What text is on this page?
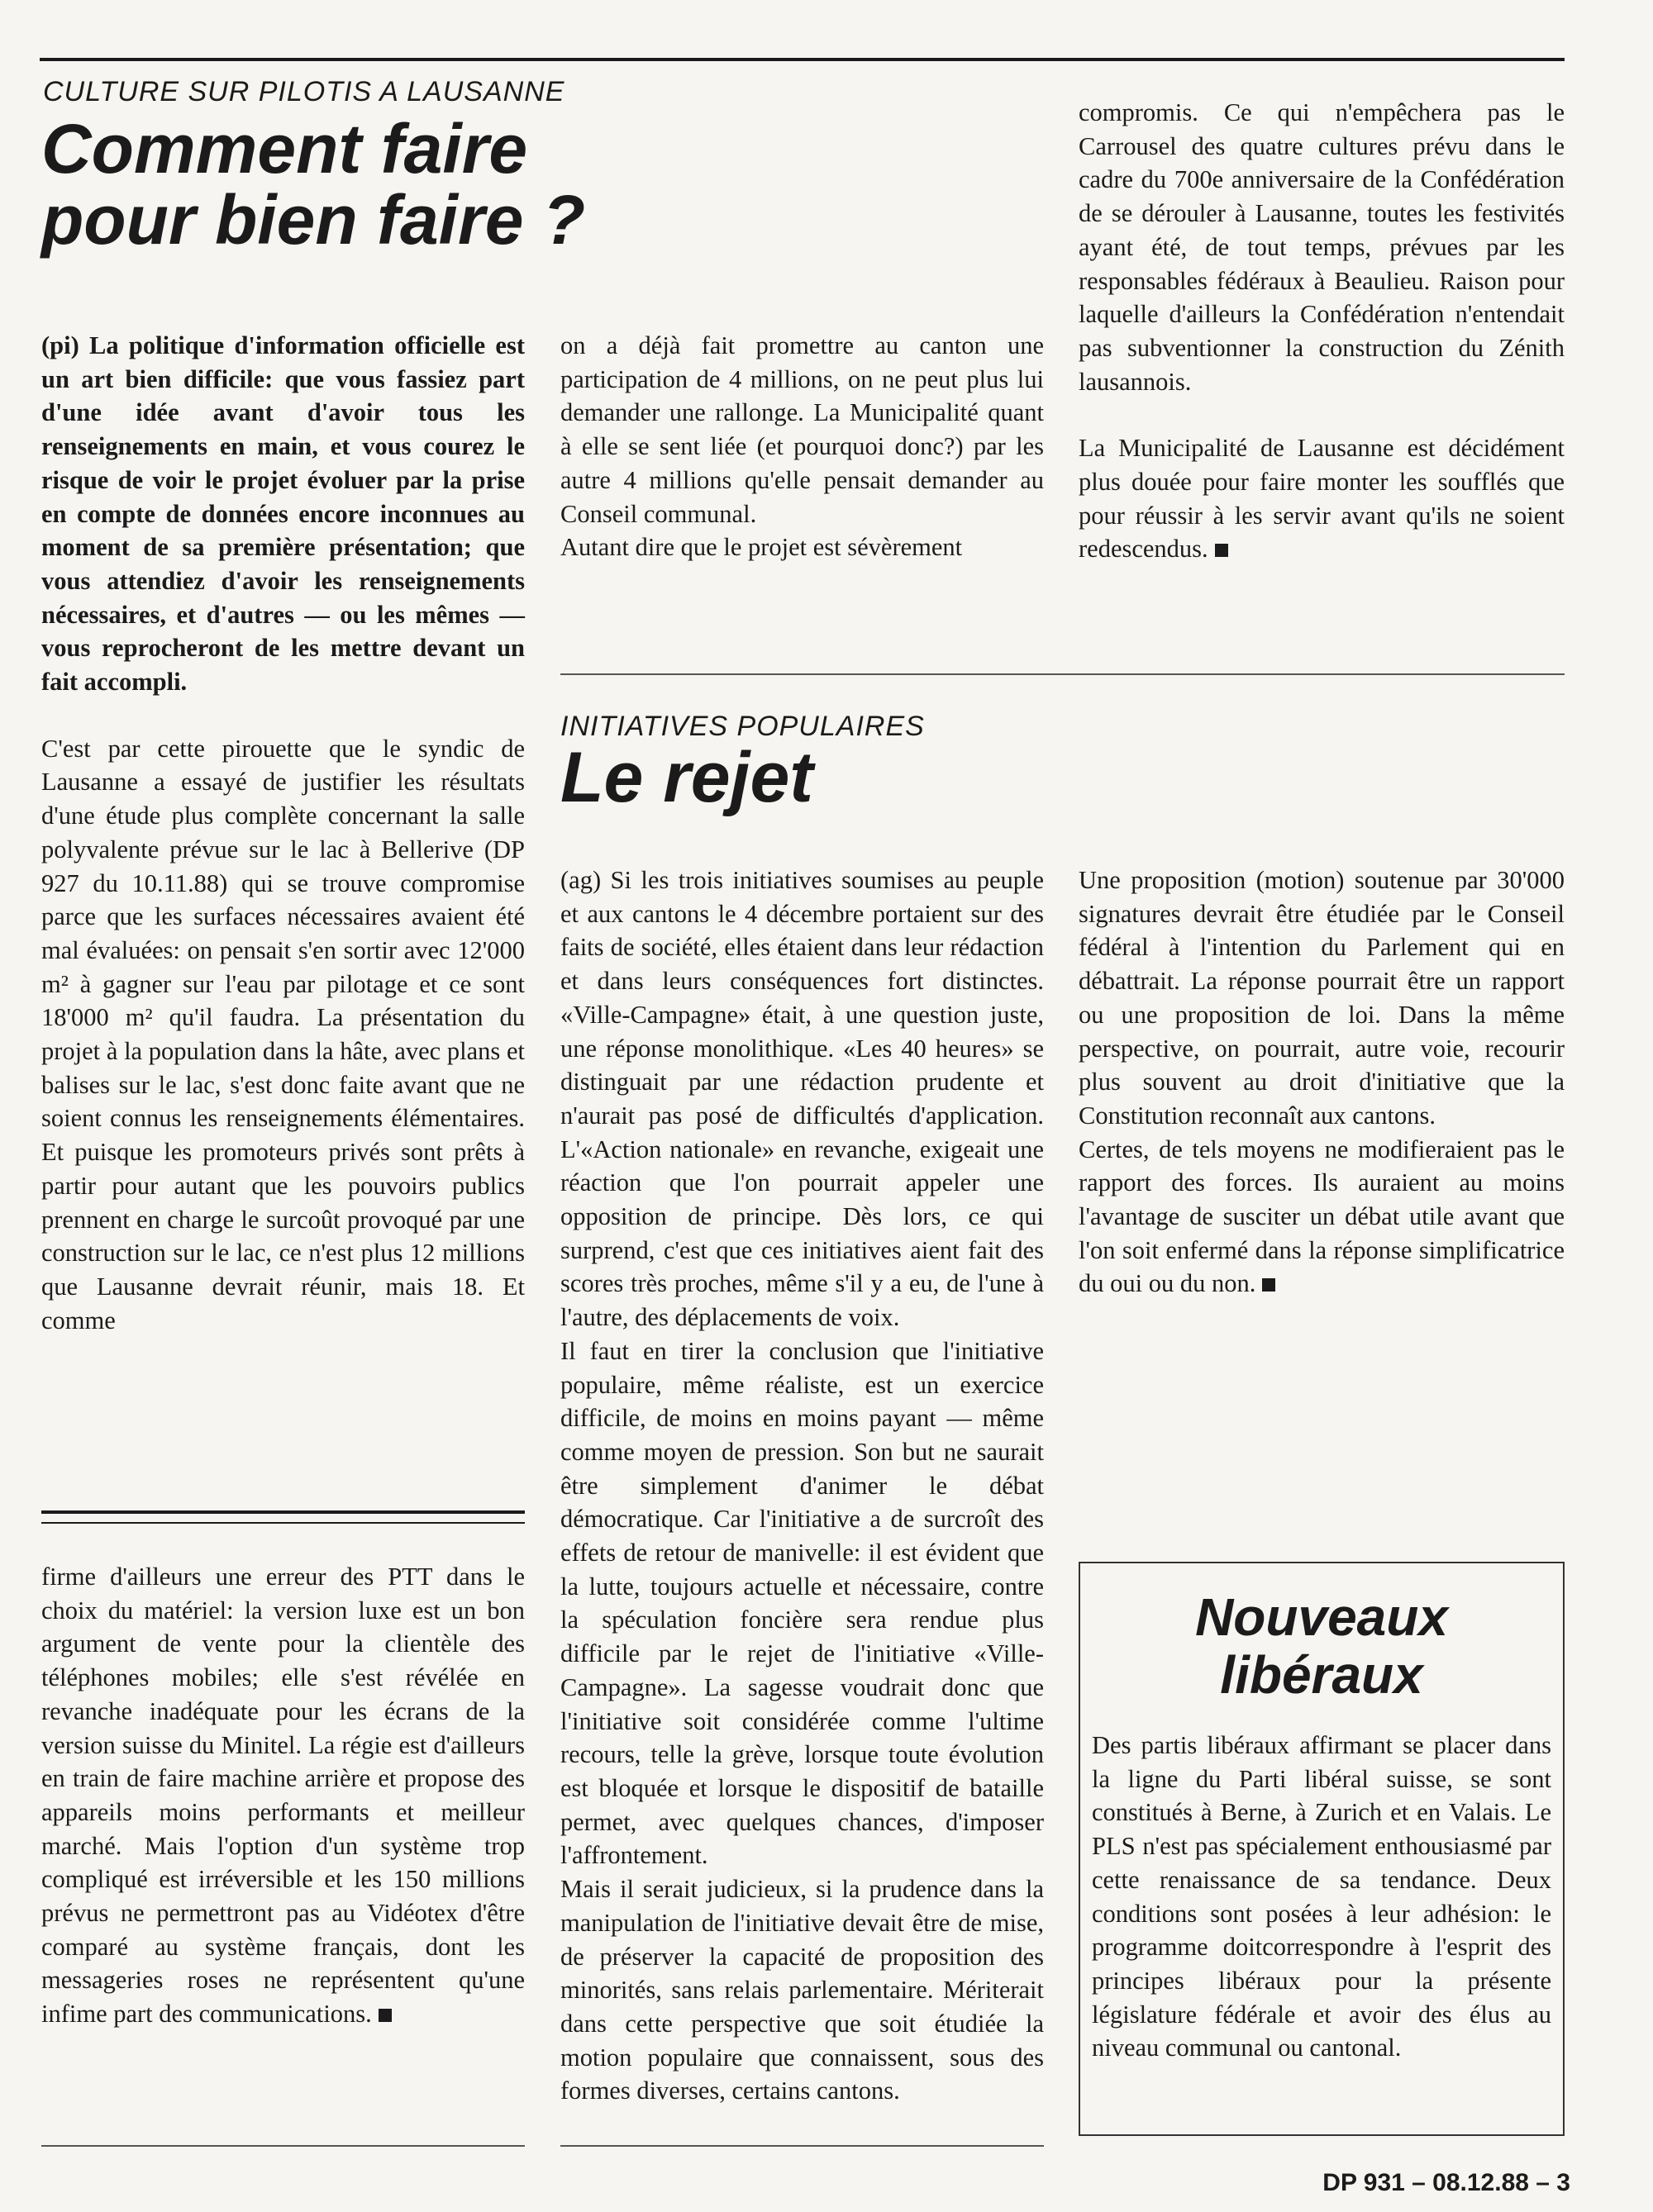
CULTURE SUR PILOTIS A LAUSANNE
Comment faire
pour bien faire ?

(pi) La politique d'information officielle est un art bien difficile: que vous fassiez part d'une idée avant d'avoir tous les renseignements en main, et vous courez le risque de voir le projet évoluer par la prise en compte de données encore inconnues au moment de sa première présentation; que vous attendiez d'avoir les renseignements nécessaires, et d'autres — ou les mêmes — vous reprocheront de les mettre devant un fait accompli.

C'est par cette pirouette que le syndic de Lausanne a essayé de justifier les résultats d'une étude plus complète concernant la salle polyvalente prévue sur le lac à Bellerive (DP 927 du 10.11.88) qui se trouve compromise parce que les surfaces nécessaires avaient été mal évaluées: on pensait s'en sortir avec 12'000 m² à gagner sur l'eau par pilotage et ce sont 18'000 m² qu'il faudra. La présentation du projet à la population dans la hâte, avec plans et balises sur le lac, s'est donc faite avant que ne soient connus les renseignements élémentaires. Et puisque les promoteurs privés sont prêts à partir pour autant que les pouvoirs publics prennent en charge le surcoût provoqué par une construction sur le lac, ce n'est plus 12 millions que Lausanne devrait réunir, mais 18. Et comme

on a déjà fait promettre au canton une participation de 4 millions, on ne peut plus lui demander une rallonge. La Municipalité quant à elle se sent liée (et pourquoi donc?) par les autre 4 millions qu'elle pensait demander au Conseil communal.

Autant dire que le projet est sévèrement

compromis. Ce qui n'empêchera pas le Carrousel des quatre cultures prévu dans le cadre du 700e anniversaire de la Confédération de se dérouler à Lausanne, toutes les festivités ayant été, de tout temps, prévues par les responsables fédéraux à Beaulieu. Raison pour laquelle d'ailleurs la Confédération n'entendait pas subventionner la construction du Zénith lausannois.

La Municipalité de Lausanne est décidément plus douée pour faire monter les soufflés que pour réussir à les servir avant qu'ils ne soient redescendus.

INITIATIVES POPULAIRES
Le rejet

firme d'ailleurs une erreur des PTT dans le choix du matériel: la version luxe est un bon argument de vente pour la clientèle des téléphones mobiles; elle s'est révélée en revanche inadéquate pour les écrans de la version suisse du Minitel. La régie est d'ailleurs en train de faire machine arrière et propose des appareils moins performants et meilleur marché. Mais l'option d'un système trop compliqué est irréversible et les 150 millions prévus ne permettront pas au Vidéotex d'être comparé au système français, dont les messageries roses ne représentent qu'une infime part des communications.

(ag) Si les trois initiatives soumises au peuple et aux cantons le 4 décembre portaient sur des faits de société, elles étaient dans leur rédaction et dans leurs conséquences fort distinctes. «Ville-Campagne» était, à une question juste, une réponse monolithique. «Les 40 heures» se distinguait par une rédaction prudente et n'aurait pas posé de difficultés d'application. L'«Action nationale» en revanche, exigeait une réaction que l'on pourrait appeler une opposition de principe. Dès lors, ce qui surprend, c'est que ces initiatives aient fait des scores très proches, même s'il y a eu, de l'une à l'autre, des déplacements de voix.

Il faut en tirer la conclusion que l'initiative populaire, même réaliste, est un exercice difficile, de moins en moins payant — même comme moyen de pression. Son but ne saurait être simplement d'animer le débat démocratique. Car l'initiative a de surcroît des effets de retour de manivelle: il est évident que la lutte, toujours actuelle et nécessaire, contre la spéculation foncière sera rendue plus difficile par le rejet de l'initiative «Ville-Campagne». La sagesse voudrait donc que l'initiative soit considérée comme l'ultime recours, telle la grève, lorsque toute évolution est bloquée et lorsque le dispositif de bataille permet, avec quelques chances, d'imposer l'affrontement.

Mais il serait judicieux, si la prudence dans la manipulation de l'initiative devait être de mise, de préserver la capacité de proposition des minorités, sans relais parlementaire. Mériterait dans cette perspective que soit étudiée la motion populaire que connaissent, sous des formes diverses, certains cantons.

Une proposition (motion) soutenue par 30'000 signatures devrait être étudiée par le Conseil fédéral à l'intention du Parlement qui en débattrait. La réponse pourrait être un rapport ou une proposition de loi. Dans la même perspective, on pourrait, autre voie, recourir plus souvent au droit d'initiative que la Constitution reconnaît aux cantons.

Certes, de tels moyens ne modifieraient pas le rapport des forces. Ils auraient au moins l'avantage de susciter un débat utile avant que l'on soit enfermé dans la réponse simplificatrice du oui ou du non.

Nouveaux
libéraux

Des partis libéraux affirmant se placer dans la ligne du Parti libéral suisse, se sont constitués à Berne, à Zurich et en Valais. Le PLS n'est pas spécialement enthousiasmé par cette renaissance de sa tendance. Deux conditions sont posées à leur adhésion: le programme doitcorrespondre à l'esprit des principes libéraux pour la présente législature fédérale et avoir des élus au niveau communal ou cantonal.

DP 931 – 08.12.88 – 3
